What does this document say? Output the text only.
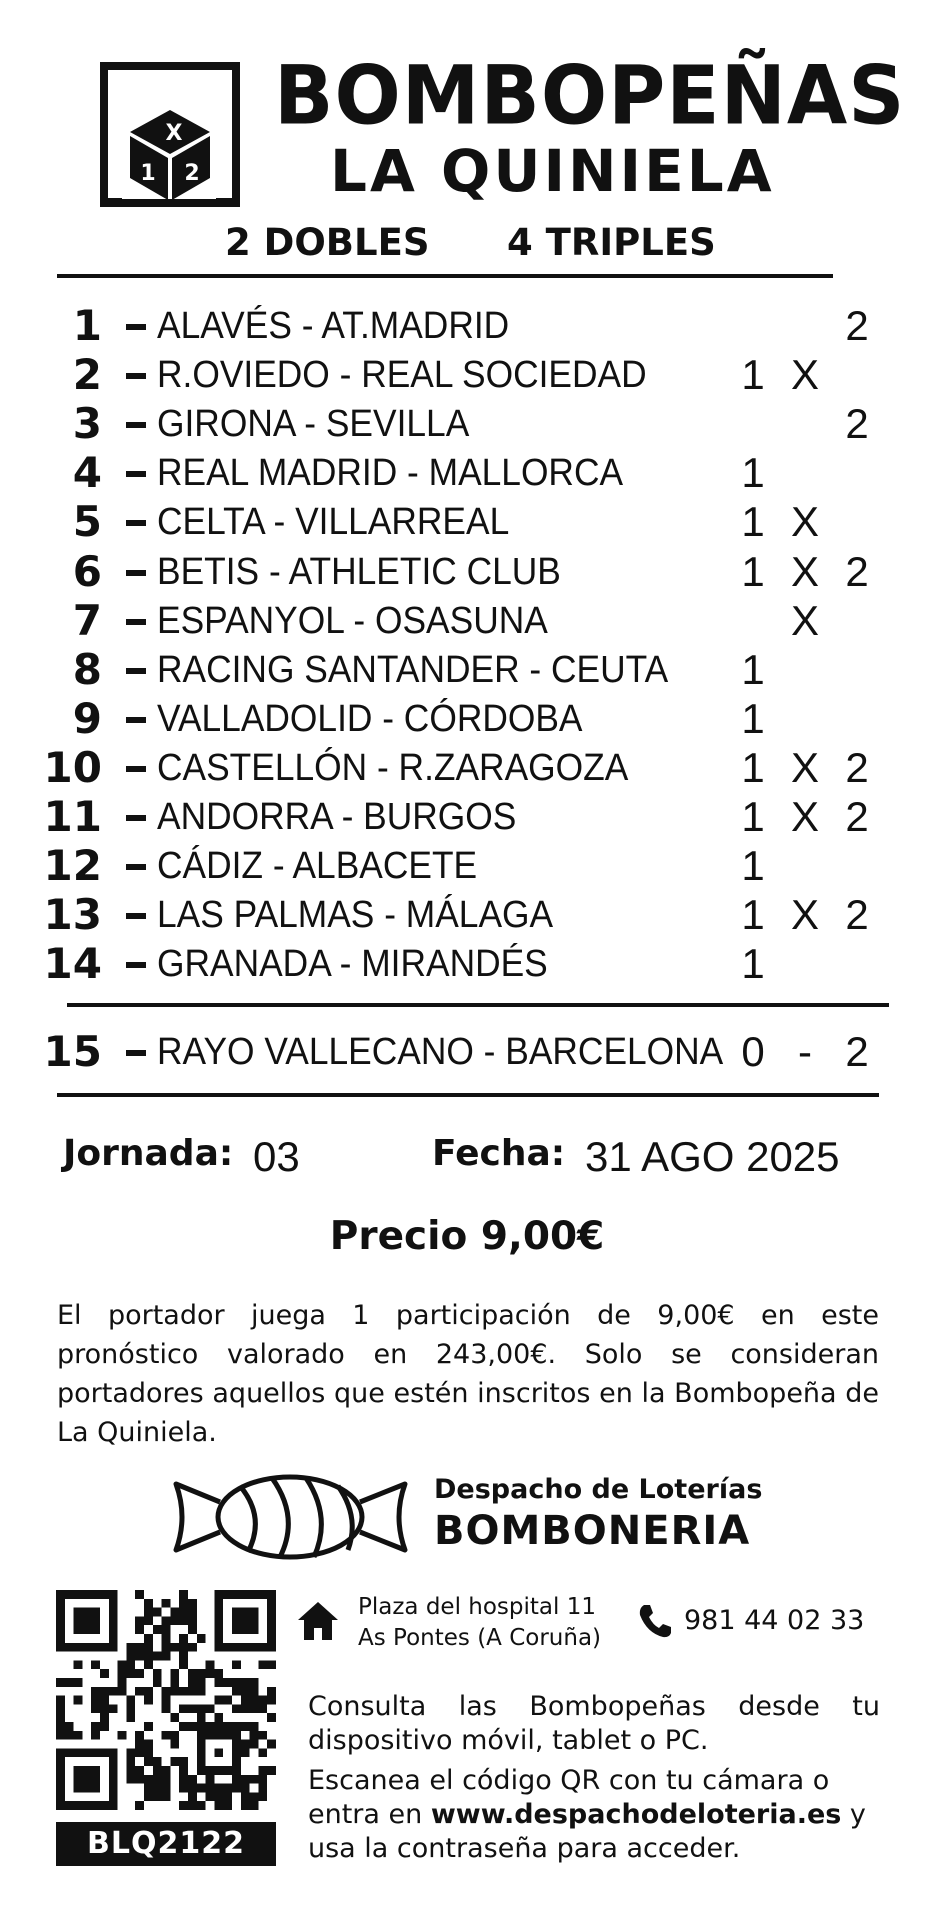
X
1 2
BOMBOPEÑAS
LA QUINIELA
2 DOBLES 4 TRIPLES
1 ALAVÉS - AT.MADRID	2
2 R.OVIEDO - REAL SOCIEDAD 1 X
3 GIRONA - SEVILLA	2
4 REAL MADRID - MALLORCA	1
5 CELTA - VILLARREAL	1 X
6 BETIS - ATHLETIC CLUB	1 X 2
7 ESPANYOL - OSASUNA	X
8 RACING SANTANDER - CEUTA 1
9 VALLADOLID - CÓRDOBA	1
10 CASTELLÓN - R.ZARAGOZA	1 X 2
11 ANDORRA - BURGOS	1 X 2
12 CÁDIZ - ALBACETE	1
13 LAS PALMAS - MÁLAGA	1 X 2
14 GRANADA - MIRANDÉS	1
15 RAYO VALLECANO - BARCELONA 0 - 2
Jornada: 03	Fecha: 31 AGO 2025
Precio 9,00€
El portador juega 1 participación de 9,00€ en este pronóstico valorado en 243,00€. Solo se consideran portadores aquellos que estén inscritos en la Bombopeña de La Quiniela.
Despacho de Loterías
BOMBONERIA
BLQ2122
Plaza del hospital 11
As Pontes (A Coruña)
981 44 02 33
Consulta las Bombopeñas desde tu dispositivo móvil, tablet o PC.
Escanea el código QR con tu cámara o entra en www.despachodeloteria.es y usa la contraseña para acceder.
